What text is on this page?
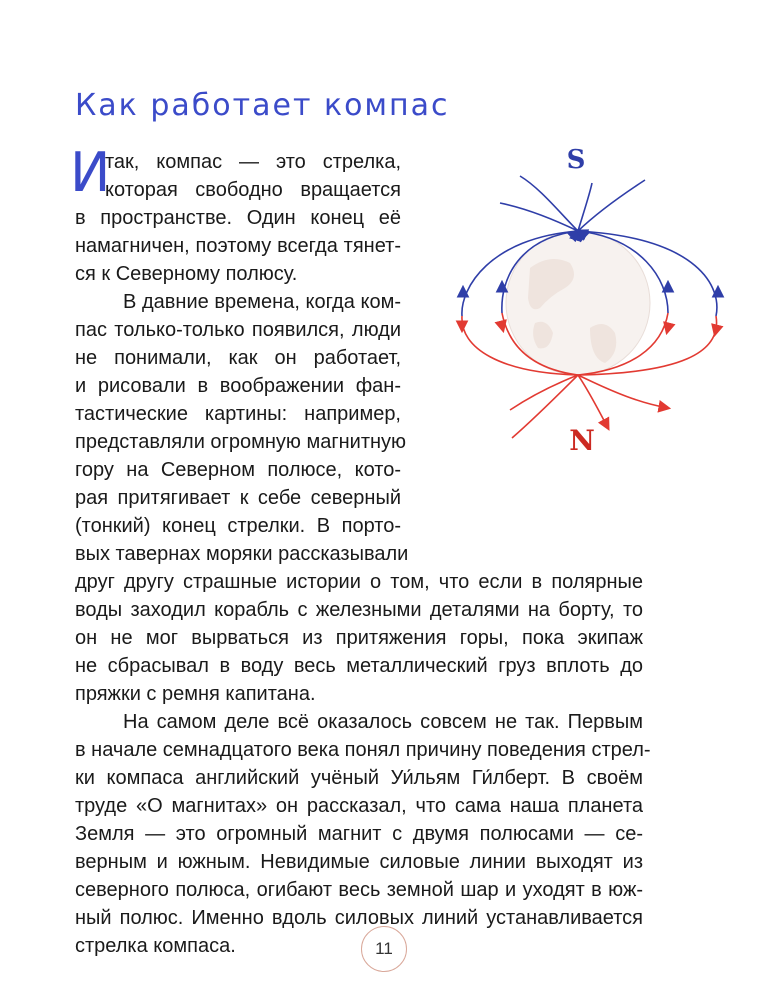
Как работает компас
И
так, компас — это стрелка,
которая свободно вращается
в пространстве. Один конец её
намагничен, поэтому всегда тянет-
ся к Северному полюсу.
В давние времена, когда ком-
пас только-только появился, люди
не понимали, как он работает,
и рисовали в воображении фан-
тастические картины: например,
представляли огромную магнитную
гору на Северном полюсе, кото-
рая притягивает к себе северный
(тонкий) конец стрелки. В порто-
вых тавернах моряки рассказывали
друг другу страшные истории о том, что если в полярные
воды заходил корабль с железными деталями на борту, то
он не мог вырваться из притяжения горы, пока экипаж
не сбрасывал в воду весь металлический груз вплоть до
пряжки с ремня капитана.
На самом деле всё оказалось совсем не так. Первым
в начале семнадцатого века понял причину поведения стрел-
ки компаса английский учёный Уи́льям Ги́лберт. В своём
труде «О магнитах» он рассказал, что сама наша планета
Земля — это огромный магнит с двумя полюсами — се-
верным и южным. Невидимые силовые линии выходят из
северного полюса, огибают весь земной шар и уходят в юж-
ный полюс. Именно вдоль силовых линий устанавливается
стрелка компаса.
S
N
11
